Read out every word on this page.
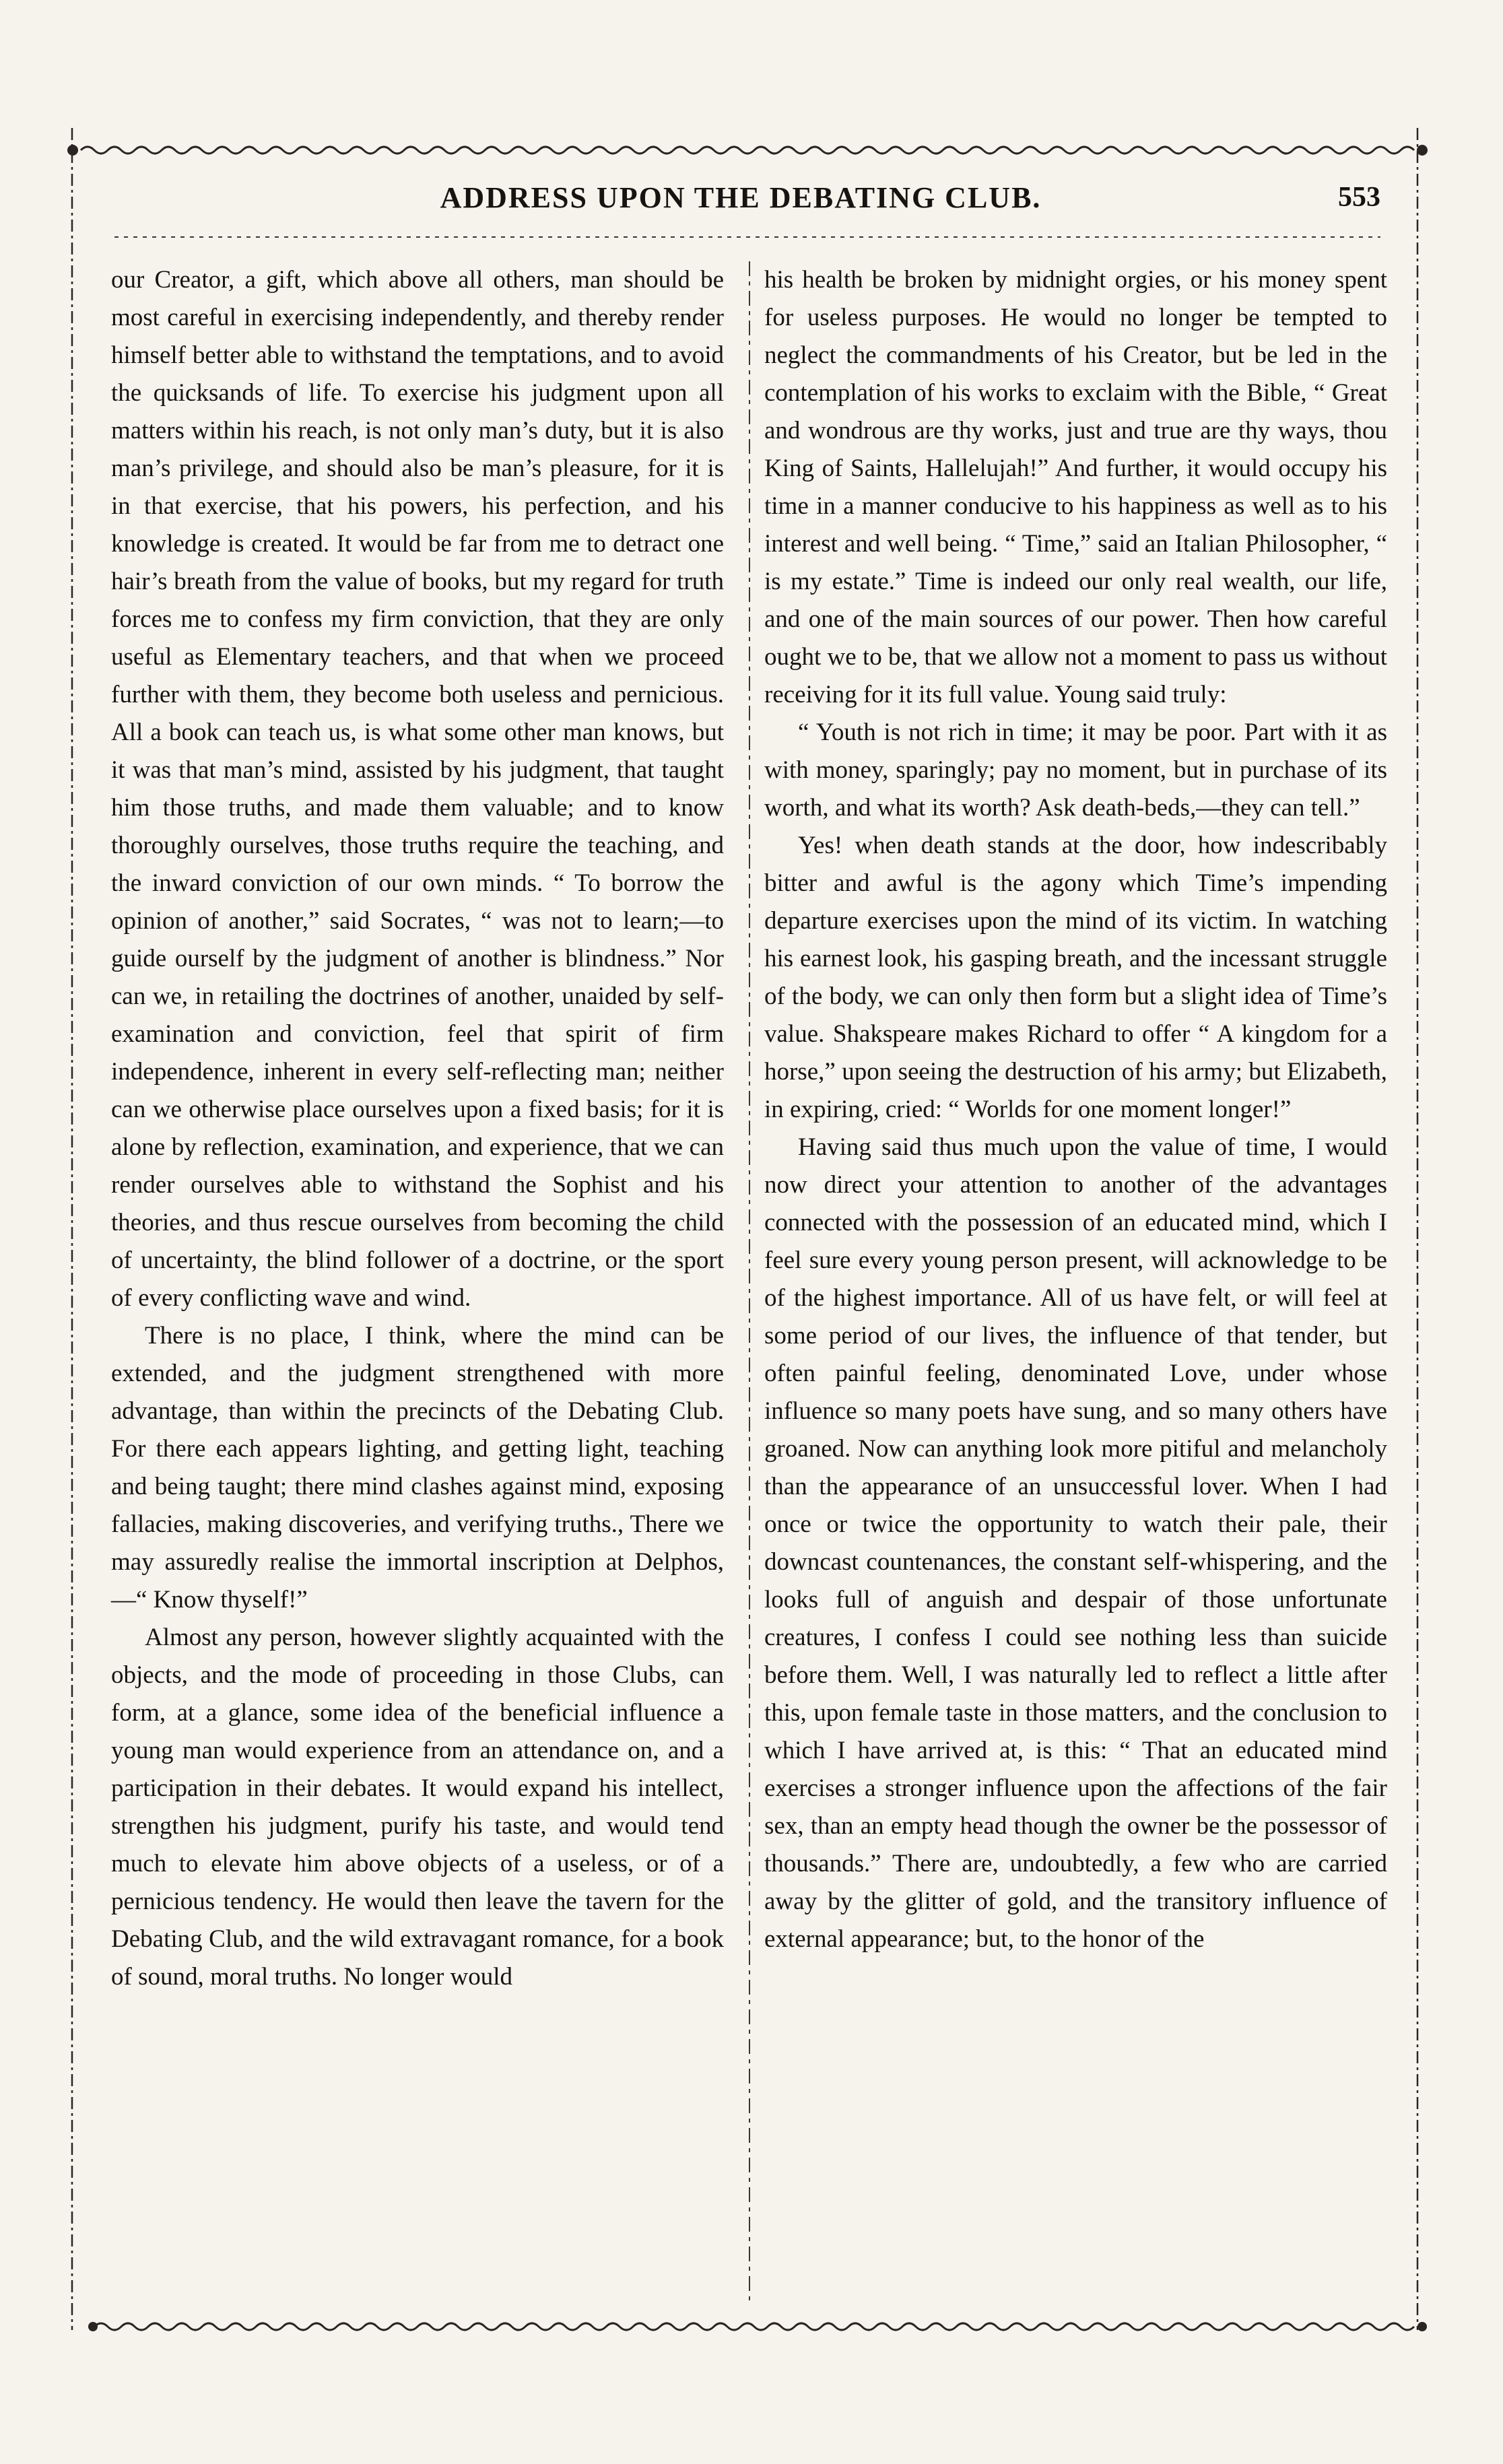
ADDRESS UPON THE DEBATING CLUB.	553

our Creator, a gift, which above all others, man should be most careful in exercising independently, and thereby render himself better able to withstand the temptations, and to avoid the quicksands of life. To exercise his judgment upon all matters within his reach, is not only man’s duty, but it is also man’s privilege, and should also be man’s pleasure, for it is in that exercise, that his powers, his perfection, and his knowledge is created. It would be far from me to detract one hair’s breath from the value of books, but my regard for truth forces me to confess my firm conviction, that they are only useful as Elementary teachers, and that when we proceed further with them, they become both useless and pernicious. All a book can teach us, is what some other man knows, but it was that man’s mind, assisted by his judgment, that taught him those truths, and made them valuable; and to know thoroughly ourselves, those truths require the teaching, and the inward conviction of our own minds. “ To borrow the opinion of another,” said Socrates, “ was not to learn;—to guide ourself by the judgment of another is blindness.” Nor can we, in retailing the doctrines of another, unaided by self-examination and conviction, feel that spirit of firm independence, inherent in every self-reflecting man; neither can we otherwise place ourselves upon a fixed basis; for it is alone by reflection, examination, and experience, that we can render ourselves able to withstand the Sophist and his theories, and thus rescue ourselves from becoming the child of uncertainty, the blind follower of a doctrine, or the sport of every conflicting wave and wind.

There is no place, I think, where the mind can be extended, and the judgment strengthened with more advantage, than within the precincts of the Debating Club. For there each appears lighting, and getting light, teaching and being taught; there mind clashes against mind, exposing fallacies, making discoveries, and verifying truths., There we may assuredly realise the immortal inscription at Delphos,—“ Know thyself!”

Almost any person, however slightly acquainted with the objects, and the mode of proceeding in those Clubs, can form, at a glance, some idea of the beneficial influence a young man would experience from an attendance on, and a participation in their debates. It would expand his intellect, strengthen his judgment, purify his taste, and would tend much to elevate him above objects of a useless, or of a pernicious tendency. He would then leave the tavern for the Debating Club, and the wild extravagant romance, for a book of sound, moral truths. No longer would

his health be broken by midnight orgies, or his money spent for useless purposes. He would no longer be tempted to neglect the commandments of his Creator, but be led in the contemplation of his works to exclaim with the Bible, “ Great and wondrous are thy works, just and true are thy ways, thou King of Saints, Hallelujah!” And further, it would occupy his time in a manner conducive to his happiness as well as to his interest and well being. “ Time,” said an Italian Philosopher, “ is my estate.” Time is indeed our only real wealth, our life, and one of the main sources of our power. Then how careful ought we to be, that we allow not a moment to pass us without receiving for it its full value. Young said truly:

“ Youth is not rich in time; it may be poor. Part with it as with money, sparingly; pay no moment, but in purchase of its worth, and what its worth? Ask death-beds,—they can tell.”

Yes! when death stands at the door, how indescribably bitter and awful is the agony which Time’s impending departure exercises upon the mind of its victim. In watching his earnest look, his gasping breath, and the incessant struggle of the body, we can only then form but a slight idea of Time’s value. Shakspeare makes Richard to offer “ A kingdom for a horse,” upon seeing the destruction of his army; but Elizabeth, in expiring, cried: “ Worlds for one moment longer!”

Having said thus much upon the value of time, I would now direct your attention to another of the advantages connected with the possession of an educated mind, which I feel sure every young person present, will acknowledge to be of the highest importance. All of us have felt, or will feel at some period of our lives, the influence of that tender, but often painful feeling, denominated Love, under whose influence so many poets have sung, and so many others have groaned. Now can anything look more pitiful and melancholy than the appearance of an unsuccessful lover. When I had once or twice the opportunity to watch their pale, their downcast countenances, the constant self-whispering, and the looks full of anguish and despair of those unfortunate creatures, I confess I could see nothing less than suicide before them. Well, I was naturally led to reflect a little after this, upon female taste in those matters, and the conclusion to which I have arrived at, is this: “ That an educated mind exercises a stronger influence upon the affections of the fair sex, than an empty head though the owner be the possessor of thousands.” There are, undoubtedly, a few who are carried away by the glitter of gold, and the transitory influence of external appearance; but, to the honor of the
